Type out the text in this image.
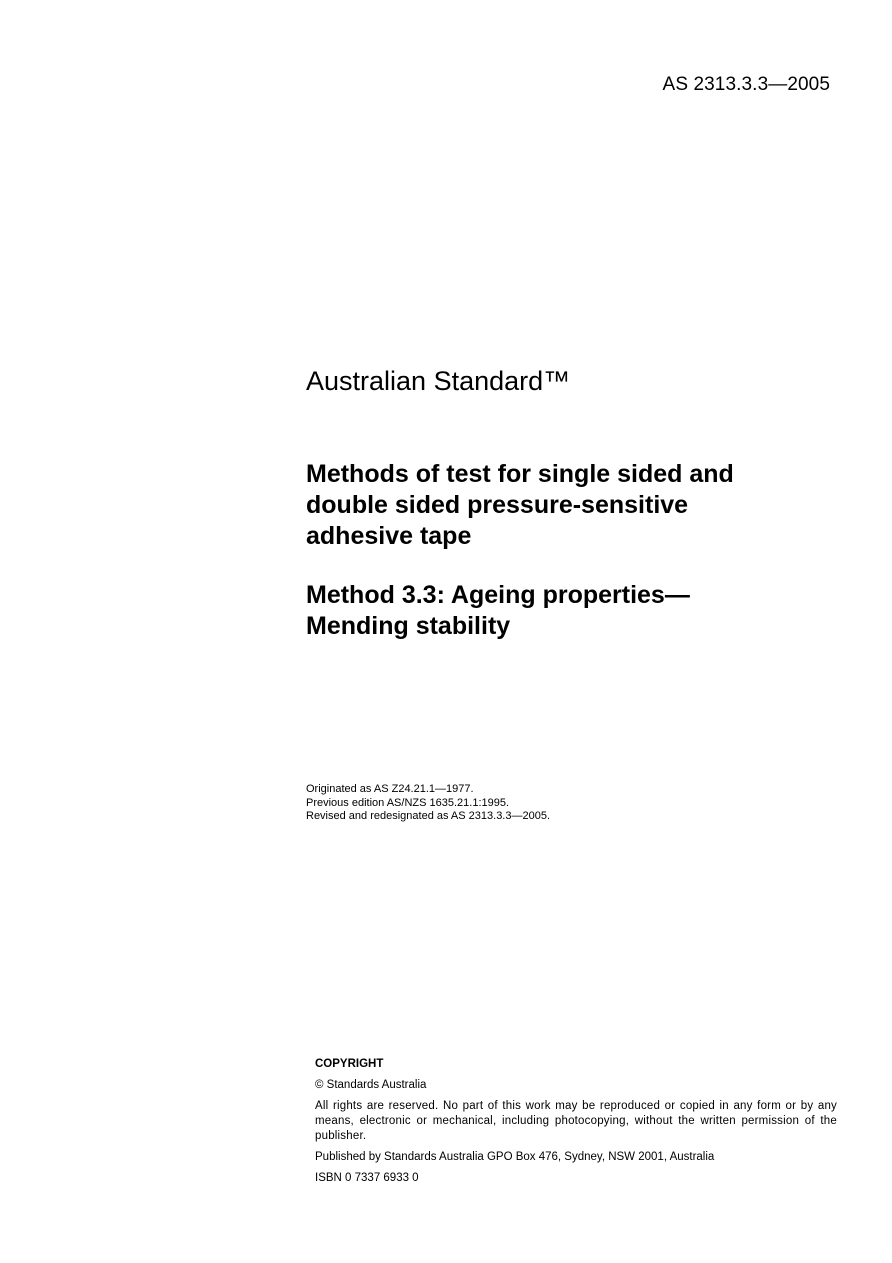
AS 2313.3.3—2005
Australian Standard™
Methods of test for single sided and
double sided pressure-sensitive
adhesive tape
Method 3.3: Ageing properties—
Mending stability
Originated as AS Z24.21.1—1977.
Previous edition AS/NZS 1635.21.1:1995.
Revised and redesignated as AS 2313.3.3—2005.

COPYRIGHT

© Standards Australia

All rights are reserved. No part of this work may be reproduced or copied in any form or by any means, electronic or mechanical, including photocopying, without the written permission of the publisher.

Published by Standards Australia GPO Box 476, Sydney, NSW 2001, Australia

ISBN 0 7337 6933 0
